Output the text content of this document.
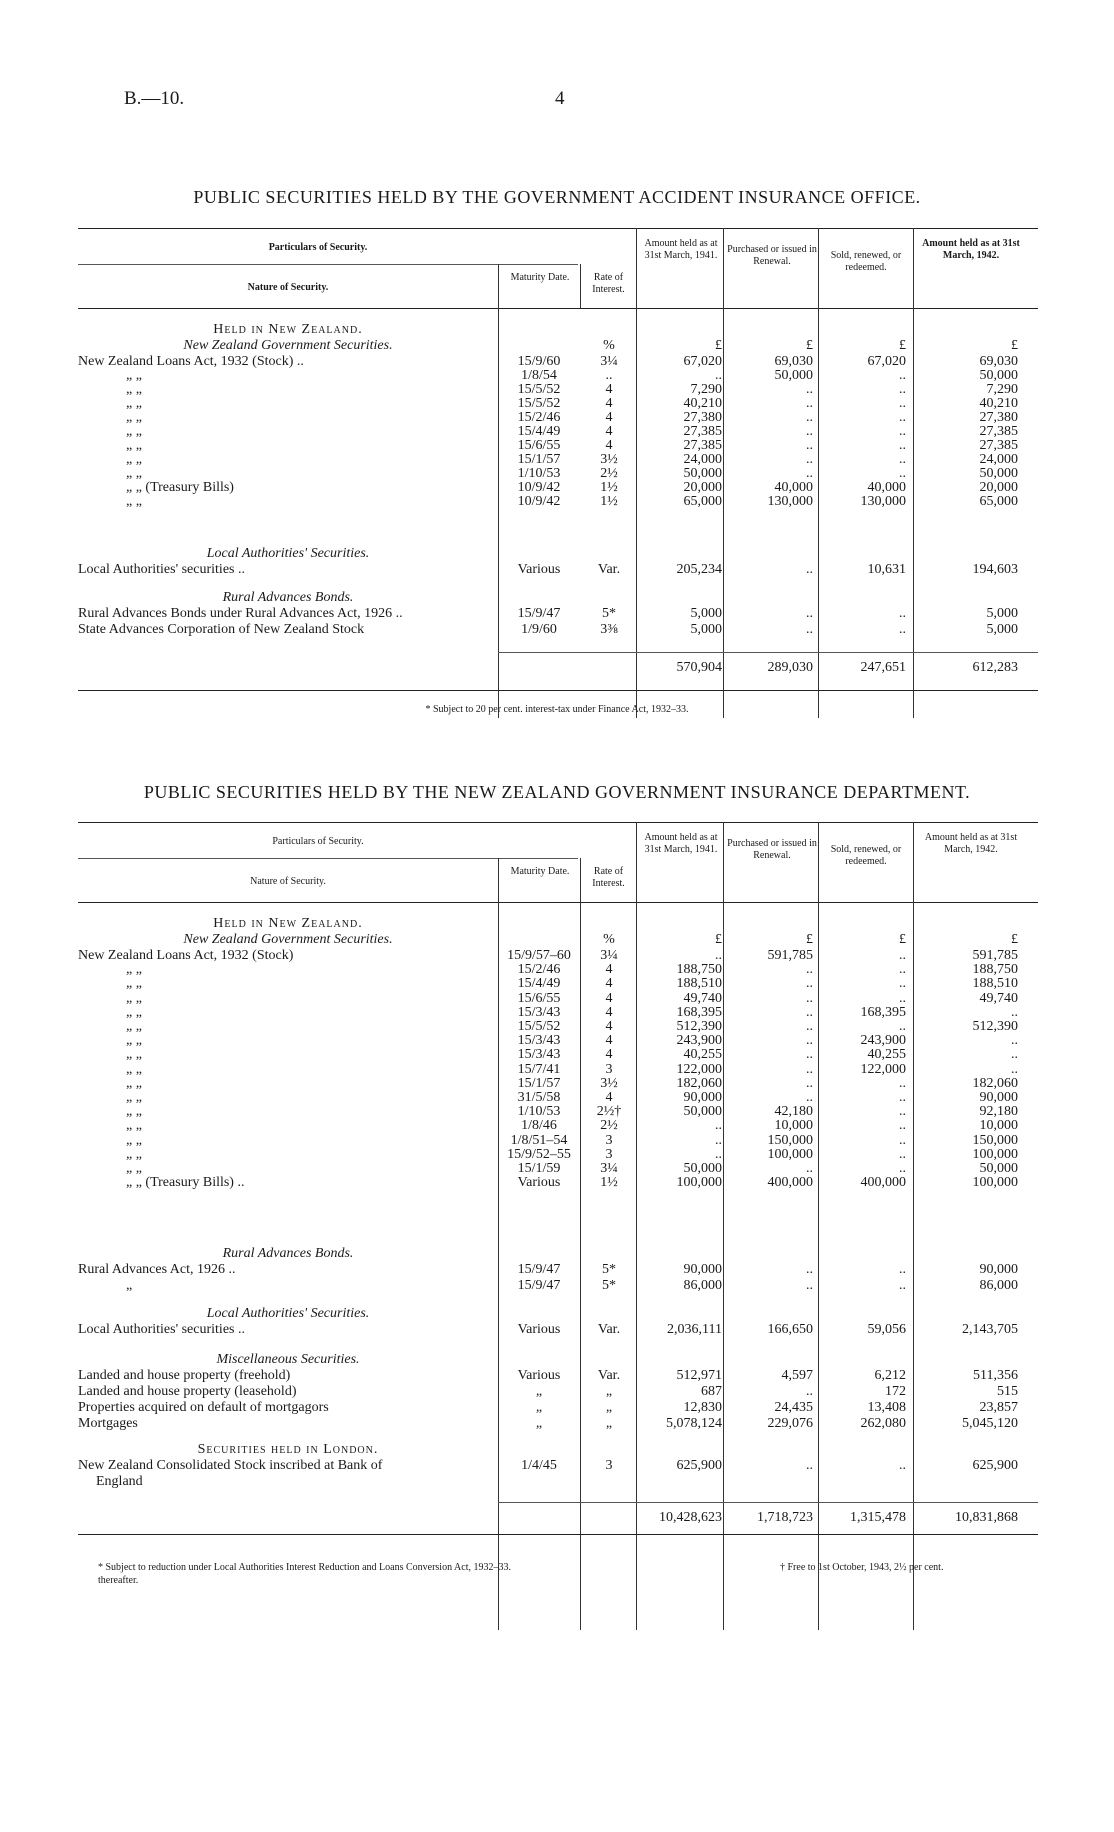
B.—10.	4
PUBLIC SECURITIES HELD BY THE GOVERNMENT ACCIDENT INSURANCE OFFICE.
Particulars of Security.
Nature of Security.
Maturity Date.	Rate of Interest.
Amount held as at 31st March, 1941.
Purchased or issued in Renewal.
Sold, renewed, or redeemed.
Amount held as at 31st March, 1942.
Held in New Zealand.
New Zealand Government Securities.	%	£	£	£	£
New Zealand Loans Act, 1932 (Stock) ..	15/9/60	3¼	67,020	69,030	67,020	69,030
„ „	1/8/54	..	..	50,000	..	50,000
„ „	15/5/52	4	7,290	..	..	7,290
„ „	15/5/52	4	40,210	..	..	40,210
„ „	15/2/46	4	27,380	..	..	27,380
„ „	15/4/49	4	27,385	..	..	27,385
„ „	15/6/55	4	27,385	..	..	27,385
„ „	15/1/57	3½	24,000	..	..	24,000
„ „	1/10/53	2½	50,000	..	..	50,000
„ „ (Treasury Bills)	10/9/42	1½	20,000	40,000	40,000	20,000
„ „	10/9/42	1½	65,000	130,000	130,000	65,000
Local Authorities' Securities.
Local Authorities' securities ..	Various	Var.	205,234	..	10,631	194,603
Rural Advances Bonds.
Rural Advances Bonds under Rural Advances Act, 1926 ..	15/9/47	5*	5,000	..	..	5,000
State Advances Corporation of New Zealand Stock	1/9/60	3⅜	5,000	..	..	5,000
570,904	289,030	247,651	612,283
* Subject to 20 per cent. interest-tax under Finance Act, 1932–33.
PUBLIC SECURITIES HELD BY THE NEW ZEALAND GOVERNMENT INSURANCE DEPARTMENT.
Particulars of Security.
Nature of Security.
Maturity Date.	Rate of Interest.
Amount held as at 31st March, 1941.
Purchased or issued in Renewal.
Sold, renewed, or redeemed.
Amount held as at 31st March, 1942.
Held in New Zealand.
New Zealand Government Securities.	%	£	£	£	£
New Zealand Loans Act, 1932 (Stock)	15/9/57–60	3¼	..	591,785	..	591,785
„ „	15/2/46	4	188,750	..	..	188,750
„ „	15/4/49	4	188,510	..	..	188,510
„ „	15/6/55	4	49,740	..	..	49,740
„ „	15/3/43	4	168,395	..	168,395	..
„ „	15/5/52	4	512,390	..	..	512,390
„ „	15/3/43	4	243,900	..	243,900	..
„ „	15/3/43	4	40,255	..	40,255	..
„ „	15/7/41	3	122,000	..	122,000	..
„ „	15/1/57	3½	182,060	..	..	182,060
„ „	31/5/58	4	90,000	..	..	90,000
„ „	1/10/53	2½†	50,000	42,180	..	92,180
„ „	1/8/46	2½	..	10,000	..	10,000
„ „	1/8/51–54	3	..	150,000	..	150,000
„ „	15/9/52–55	3	..	100,000	..	100,000
„ „	15/1/59	3¼	50,000	..	..	50,000
„ „ (Treasury Bills) ..	Various	1½	100,000	400,000	400,000	100,000
Rural Advances Bonds.
Rural Advances Act, 1926 ..	15/9/47	5*	90,000	..	..	90,000
„	15/9/47	5*	86,000	..	..	86,000
Local Authorities' Securities.
Local Authorities' securities ..	Various	Var.	2,036,111	166,650	59,056	2,143,705
Miscellaneous Securities.
Landed and house property (freehold)	Various	Var.	512,971	4,597	6,212	511,356
Landed and house property (leasehold)	„	„	687	..	172	515
Properties acquired on default of mortgagors	„	„	12,830	24,435	13,408	23,857
Mortgages	„	„	5,078,124	229,076	262,080	5,045,120
Securities held in London.
New Zealand Consolidated Stock inscribed at Bank of	1/4/45	3	625,900	..	..	625,900
England
10,428,623	1,718,723	1,315,478	10,831,868
* Subject to reduction under Local Authorities Interest Reduction and Loans Conversion Act, 1932–33.
thereafter.
† Free to 1st October, 1943, 2½ per cent.
